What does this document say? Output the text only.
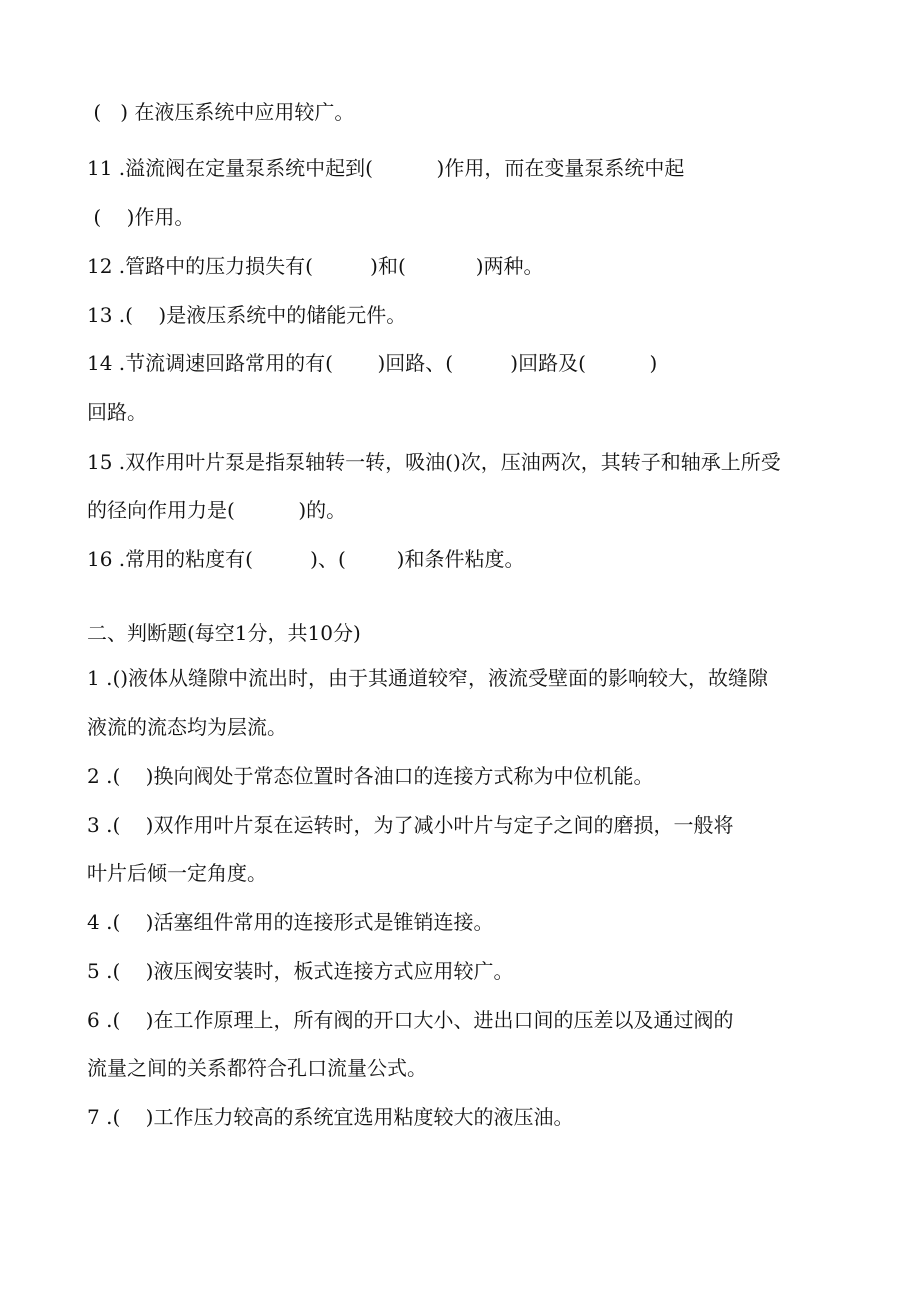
(   ) 在液压系统中应用较广。
11 .溢流阀在定量泵系统中起到(          )作用，而在变量泵系统中起
(    )作用。
12 .管路中的压力损失有(         )和(           )两种。
13 .(    )是液压系统中的储能元件。
14 .节流调速回路常用的有(       )回路、(         )回路及(          )
回路。
15 .双作用叶片泵是指泵轴转一转，吸油()次，压油两次，其转子和轴承上所受
的径向作用力是(          )的。
16 .常用的粘度有(         )、(        )和条件粘度。
二、判断题(每空1分，共10分)
1 .()液体从缝隙中流出时，由于其通道较窄，液流受壁面的影响较大，故缝隙
液流的流态均为层流。
2 .(    )换向阀处于常态位置时各油口的连接方式称为中位机能。
3 .(    )双作用叶片泵在运转时，为了减小叶片与定子之间的磨损，一般将
叶片后倾一定角度。
4 .(    )活塞组件常用的连接形式是锥销连接。
5 .(    )液压阀安装时，板式连接方式应用较广。
6 .(    )在工作原理上，所有阀的开口大小、进出口间的压差以及通过阀的
流量之间的关系都符合孔口流量公式。
7 .(    )工作压力较高的系统宜选用粘度较大的液压油。
